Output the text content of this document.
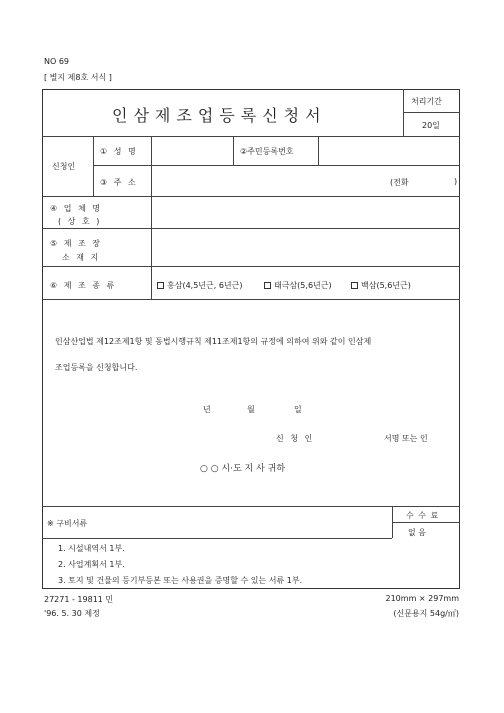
NO 69
[ 별지 제8호 서식 ]
인삼제조업등록신청서
처리기간
20일
신청인
① 성 명	②주민등록번호
③ 주 소	(전화	)
④ 업 체 명
( 상 호 )
⑤ 제 조 장
소 재 지
⑥ 제 조 종 류	홍삼(4,5년근, 6년근)	태극삼(5,6년근)	백삼(5,6년근)
인삼산업법 제12조제1항 및 동법시행규칙 제11조제1항의 규정에 의하여 위와 같이 인삼제
조업등록을 신청합니다.
년	월	일
신 청 인	서명 또는 인
○ ○ 시·도 지 사 귀하
※ 구비서류
수 수 료
없 음
1. 시설내역서 1부.
2. 사업계획서 1부.
3. 토지 및 건물의 등기부등본 또는 사용권을 증명할 수 있는 서류 1부.
27271 - 19811 민
'96. 5. 30 제정
210mm × 297mm
(신문용지 54g/㎡)
